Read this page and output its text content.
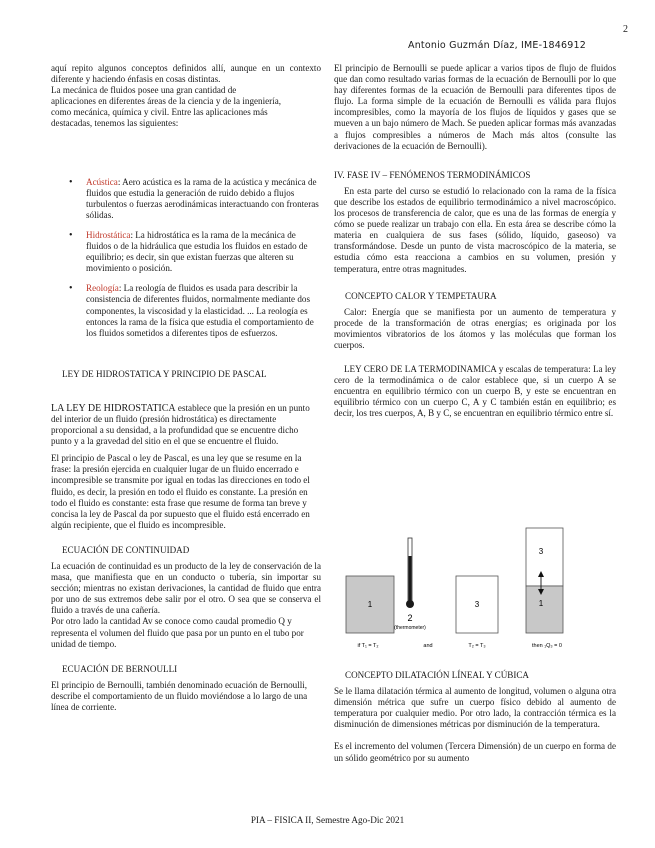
2
Antonio Guzmán Díaz, IME-1846912

aquí repito algunos conceptos definidos allí, aunque en un contexto diferente y haciendo énfasis en cosas distintas.

La mecánica de fluidos posee una gran cantidad de aplicaciones en diferentes áreas de la ciencia y de la ingeniería, como mecánica, química y civil. Entre las aplicaciones más destacadas, tenemos las siguientes:

• Acústica: Aero acústica es la rama de la acústica y mecánica de fluidos que estudia la generación de ruido debido a flujos turbulentos o fuerzas aerodinámicas interactuando con fronteras sólidas.
• Hidrostática: La hidrostática es la rama de la mecánica de fluidos o de la hidráulica que estudia los fluidos en estado de equilibrio; es decir, sin que existan fuerzas que alteren su movimiento o posición.
• Reología: La reología de fluidos es usada para describir la consistencia de diferentes fluidos, normalmente mediante dos componentes, la viscosidad y la elasticidad. ... La reología es entonces la rama de la física que estudia el comportamiento de los fluidos sometidos a diferentes tipos de esfuerzos.

LEY DE HIDROSTATICA Y PRINCIPIO DE PASCAL

LA LEY DE HIDROSTATICA establece que la presión en un punto del interior de un fluido (presión hidrostática) es directamente proporcional a su densidad, a la profundidad que se encuentre dicho punto y a la gravedad del sitio en el que se encuentre el fluido.

El principio de Pascal o ley de Pascal, es una ley que se resume en la frase: la presión ejercida en cualquier lugar de un fluido encerrado e incompresible se transmite por igual en todas las direcciones en todo el fluido, es decir, la presión en todo el fluido es constante. La presión en todo el fluido es constante: esta frase que resume de forma tan breve y concisa la ley de Pascal da por supuesto que el fluido está encerrado en algún recipiente, que el fluido es incompresible.

ECUACIÓN DE CONTINUIDAD

La ecuación de continuidad es un producto de la ley de conservación de la masa, que manifiesta que en un conducto o tubería, sin importar su sección; mientras no existan derivaciones, la cantidad de fluido que entra por uno de sus extremos debe salir por el otro. O sea que se conserva el fluido a través de una cañería.

Por otro lado la cantidad Av se conoce como caudal promedio Q y representa el volumen del fluido que pasa por un punto en el tubo por unidad de tiempo.

ECUACIÓN DE BERNOULLI

El principio de Bernoulli, también denominado ecuación de Bernoulli, describe el comportamiento de un fluido moviéndose a lo largo de una línea de corriente.

El principio de Bernoulli se puede aplicar a varios tipos de flujo de fluidos que dan como resultado varias formas de la ecuación de Bernoulli por lo que hay diferentes formas de la ecuación de Bernoulli para diferentes tipos de flujo. La forma simple de la ecuación de Bernoulli es válida para flujos incompresibles, como la mayoría de los flujos de líquidos y gases que se mueven a un bajo número de Mach. Se pueden aplicar formas más avanzadas a flujos compresibles a números de Mach más altos (consulte las derivaciones de la ecuación de Bernoulli).

IV. FASE IV – FENÓMENOS TERMODINÁMICOS

En esta parte del curso se estudió lo relacionado con la rama de la física que describe los estados de equilibrio termodinámico a nivel macroscópico. los procesos de transferencia de calor, que es una de las formas de energía y cómo se puede realizar un trabajo con ella. En esta área se describe cómo la materia en cualquiera de sus fases (sólido, líquido, gaseoso) va transformándose. Desde un punto de vista macroscópico de la materia, se estudia cómo esta reacciona a cambios en su volumen, presión y temperatura, entre otras magnitudes.

CONCEPTO CALOR Y TEMPETAURA

Calor: Energía que se manifiesta por un aumento de temperatura y procede de la transformación de otras energías; es originada por los movimientos vibratorios de los átomos y las moléculas que forman los cuerpos.

LEY CERO DE LA TERMODINAMICA y escalas de temperatura: La ley cero de la termodinámica o de calor establece que, si un cuerpo A se encuentra en equilibrio térmico con un cuerpo B, y este se encuentran en equilibrio térmico con un cuerpo C, A y C también están en equilibrio; es decir, los tres cuerpos, A, B y C, se encuentran en equilibrio térmico entre sí.

1
2
(thermometer)
3
3
1
if T₁ = T₂	and	T₂ = T₃	then ₁Q₃ = 0

CONCEPTO DILATACIÓN LÍNEAL Y CÚBICA

Se le llama dilatación térmica al aumento de longitud, volumen o alguna otra dimensión métrica que sufre un cuerpo físico debido al aumento de temperatura por cualquier medio. Por otro lado, la contracción térmica es la disminución de dimensiones métricas por disminución de la temperatura.

Es el incremento del volumen (Tercera Dimensión) de un cuerpo en forma de un sólido geométrico por su aumento

PIA – FISICA II, Semestre Ago-Dic 2021
